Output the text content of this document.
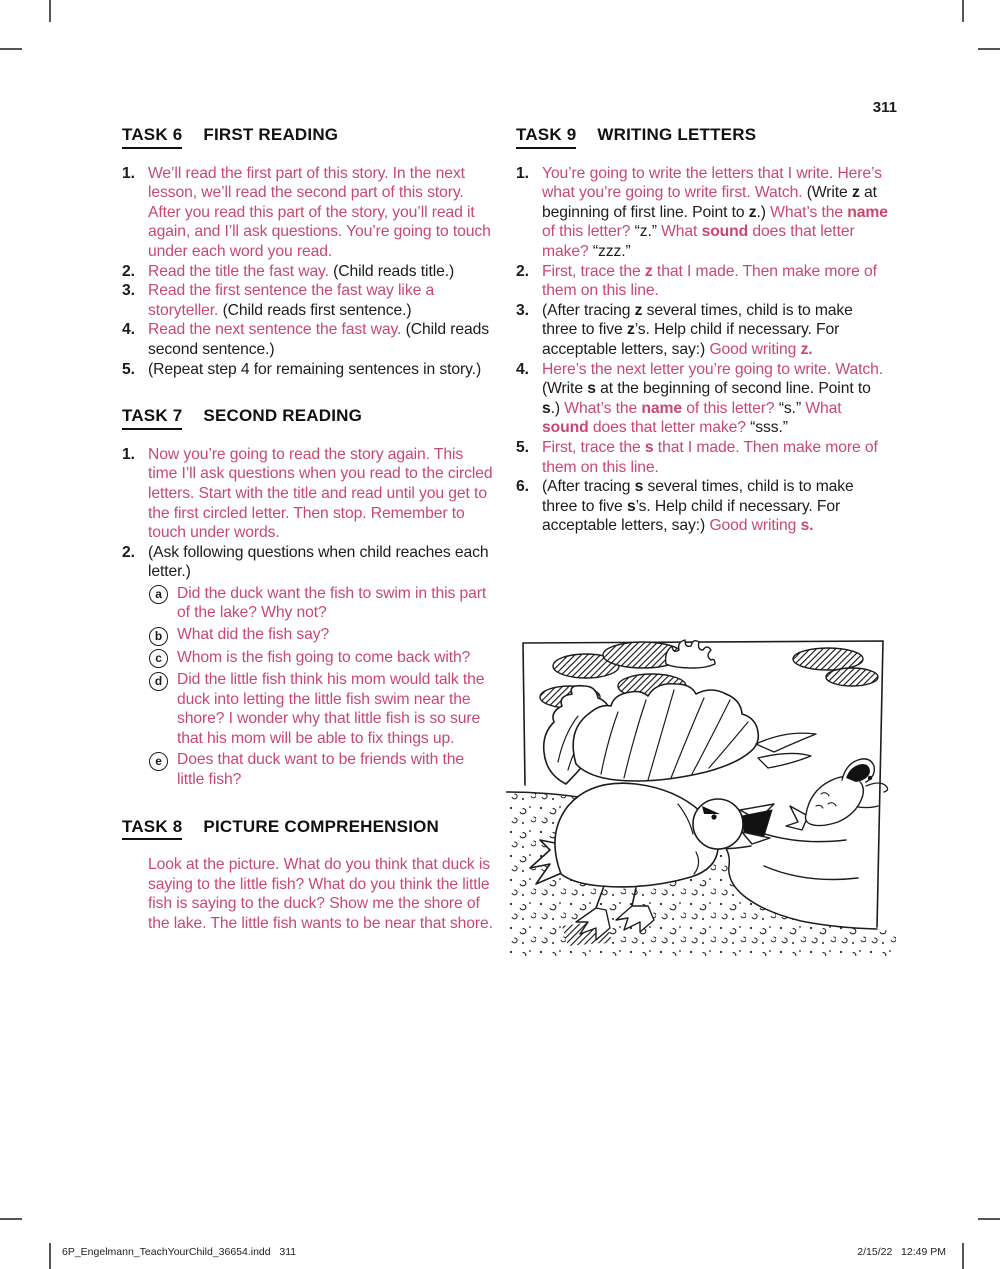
311
TASK 6 FIRST READING
1. We’ll read the first part of this story. In the next lesson, we’ll read the second part of this story. After you read this part of the story, you’ll read it again, and I’ll ask questions. You’re going to touch under each word you read.
2. Read the title the fast way. (Child reads title.)
3. Read the first sentence the fast way like a storyteller. (Child reads first sentence.)
4. Read the next sentence the fast way. (Child reads second sentence.)
5. (Repeat step 4 for remaining sentences in story.)
TASK 7 SECOND READING
1. Now you’re going to read the story again. This time I’ll ask questions when you read to the circled letters. Start with the title and read until you get to the first circled letter. Then stop. Remember to touch under words.
2. (Ask following questions when child reaches each letter.)
a Did the duck want the fish to swim in this part of the lake? Why not?
b What did the fish say?
c Whom is the fish going to come back with?
d Did the little fish think his mom would talk the duck into letting the little fish swim near the shore? I wonder why that little fish is so sure that his mom will be able to fix things up.
e Does that duck want to be friends with the little fish?
TASK 8 PICTURE COMPREHENSION
Look at the picture. What do you think that duck is saying to the little fish? What do you think the little fish is saying to the duck? Show me the shore of the lake. The little fish wants to be near that shore.
TASK 9 WRITING LETTERS
1. You’re going to write the letters that I write. Here’s what you’re going to write first. Watch. (Write z at beginning of first line. Point to z.) What’s the name of this letter? “z.” What sound does that letter make? “zzz.”
2. First, trace the z that I made. Then make more of them on this line.
3. (After tracing z several times, child is to make three to five z’s. Help child if necessary. For acceptable letters, say:) Good writing z.
4. Here’s the next letter you’re going to write. Watch. (Write s at the beginning of second line. Point to s.) What’s the name of this letter? “s.” What sound does that letter make? “sss.”
5. First, trace the s that I made. Then make more of them on this line.
6. (After tracing s several times, child is to make three to five s’s. Help child if necessary. For acceptable letters, say:) Good writing s.
6P_Engelmann_TeachYourChild_36654.indd   311	2/15/22   12:49 PM
